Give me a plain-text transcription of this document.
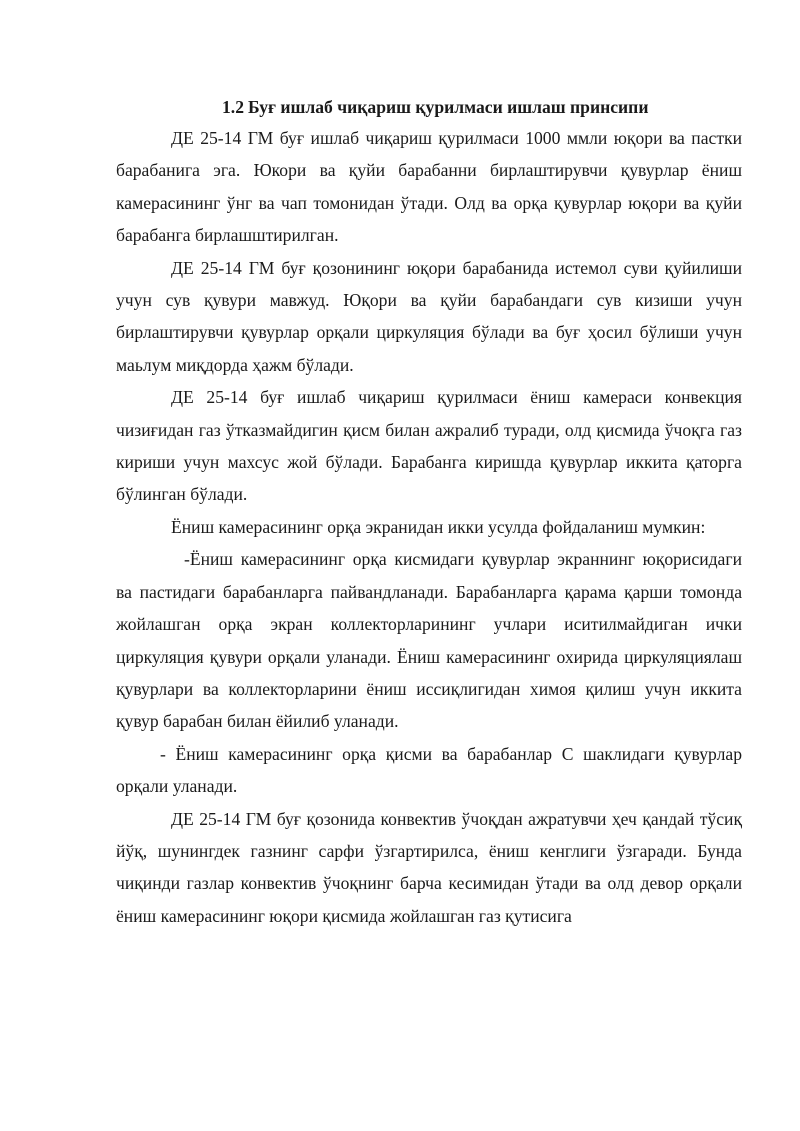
1.2 Буғ ишлаб чиқариш қурилмаси ишлаш принсипи

ДЕ 25-14 ГМ буғ ишлаб чиқариш қурилмаси 1000 ммли юқори ва пастки барабанига эга. Юкори ва қуйи барабанни бирлаштирувчи қувурлар ёниш камерасининг ўнг ва чап томонидан ўтади. Олд ва орқа қувурлар юқори ва қуйи барабанга бирлашштирилган.

ДЕ 25-14 ГМ буғ қозонининг юқори барабанида истемол суви қуйилиши учун сув қувури мавжуд. Юқори ва қуйи барабандаги сув кизиши учун бирлаштирувчи қувурлар орқали циркуляция бўлади ва буғ ҳосил бўлиши учун маьлум миқдорда ҳажм бўлади.

ДЕ 25-14 буғ ишлаб чиқариш қурилмаси ёниш камераси конвекция чизиғидан газ ўтказмайдигин қисм билан ажралиб туради, олд қисмида ўчоқга газ кириши учун махсус жой бўлади. Барабанга киришда қувурлар иккита қаторга бўлинган бўлади.

Ёниш камерасининг орқа экранидан икки усулда фойдаланиш мумкин:

-Ёниш камерасининг орқа кисмидаги қувурлар экраннинг юқорисидаги ва пастидаги барабанларга пайвандланади. Барабанларга қарама қарши томонда жойлашган орқа экран коллекторларининг учлари иситилмайдиган ички циркуляция қувури орқали уланади. Ёниш камерасининг охирида циркуляциялаш қувурлари ва коллекторларини ёниш иссиқлигидан химоя қилиш учун иккита қувур барабан билан ёйилиб уланади.

- Ёниш камерасининг орқа қисми ва барабанлар С шаклидаги қувурлар орқали уланади.

ДЕ 25-14 ГМ буғ қозонида конвектив ўчоқдан ажратувчи ҳеч қандай тўсиқ йўқ, шунингдек газнинг сарфи ўзгартирилса, ёниш кенглиги ўзгаради. Бунда чиқинди газлар конвектив ўчоқнинг барча кесимидан ўтади ва олд девор орқали ёниш камерасининг юқори қисмида жойлашган газ қутисига
